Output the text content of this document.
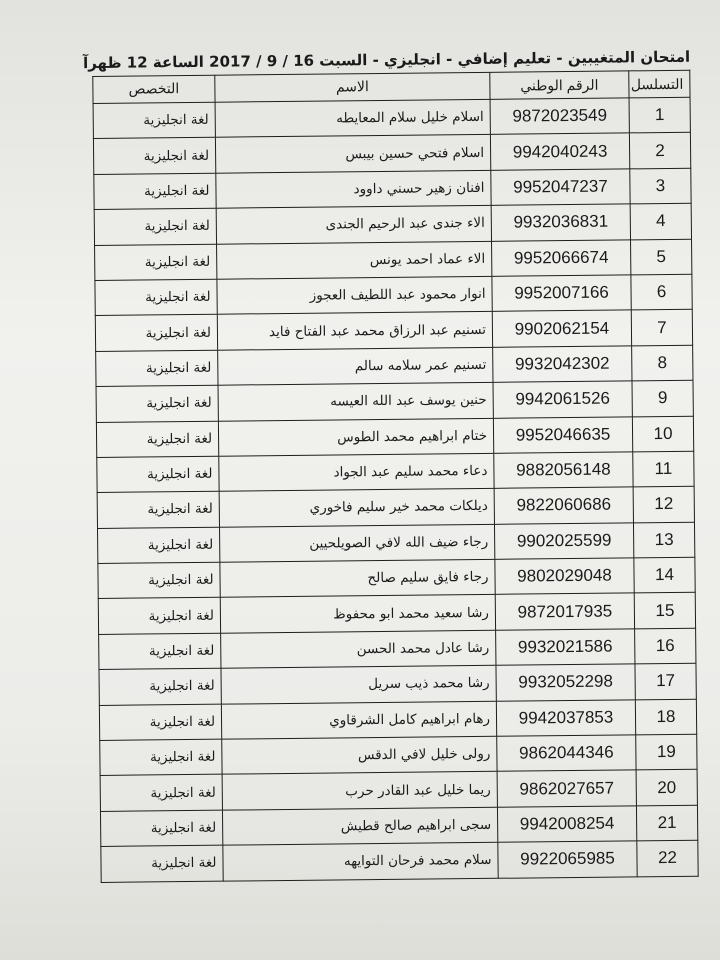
امتحان المتغيبين - تعليم إضافي - انجليزي - السبت 16 / 9 / 2017 الساعة 12 ظهرآ
التسلسل	الرقم الوطني	الاسم	التخصص
1	9872023549	اسلام خليل سلام المعايطه	لغة انجليزية
2	9942040243	اسلام فتحي حسين بيبس	لغة انجليزية
3	9952047237	افنان زهير حسني داوود	لغة انجليزية
4	9932036831	الاء جندى عبد الرحيم الجندى	لغة انجليزية
5	9952066674	الاء عماد احمد يونس	لغة انجليزية
6	9952007166	انوار محمود عبد اللطيف العجوز	لغة انجليزية
7	9902062154	تسنيم عبد الرزاق محمد عبد الفتاح فايد	لغة انجليزية
8	9932042302	تسنيم عمر سلامه سالم	لغة انجليزية
9	9942061526	حنين يوسف عبد الله العيسه	لغة انجليزية
10	9952046635	ختام ابراهيم محمد الطوس	لغة انجليزية
11	9882056148	دعاء محمد سليم عبد الجواد	لغة انجليزية
12	9822060686	ديلكات محمد خير سليم فاخوري	لغة انجليزية
13	9902025599	رجاء ضيف الله لافي الصويلحيين	لغة انجليزية
14	9802029048	رجاء فايق سليم صالح	لغة انجليزية
15	9872017935	رشا سعيد محمد ابو محفوظ	لغة انجليزية
16	9932021586	رشا عادل محمد الحسن	لغة انجليزية
17	9932052298	رشا محمد ذيب سريل	لغة انجليزية
18	9942037853	رهام ابراهيم كامل الشرقاوي	لغة انجليزية
19	9862044346	رولى خليل لافي الدقس	لغة انجليزية
20	9862027657	ريما خليل عبد القادر حرب	لغة انجليزية
21	9942008254	سجى ابراهيم صالح قطيش	لغة انجليزية
22	9922065985	سلام محمد فرحان التوايهه	لغة انجليزية
